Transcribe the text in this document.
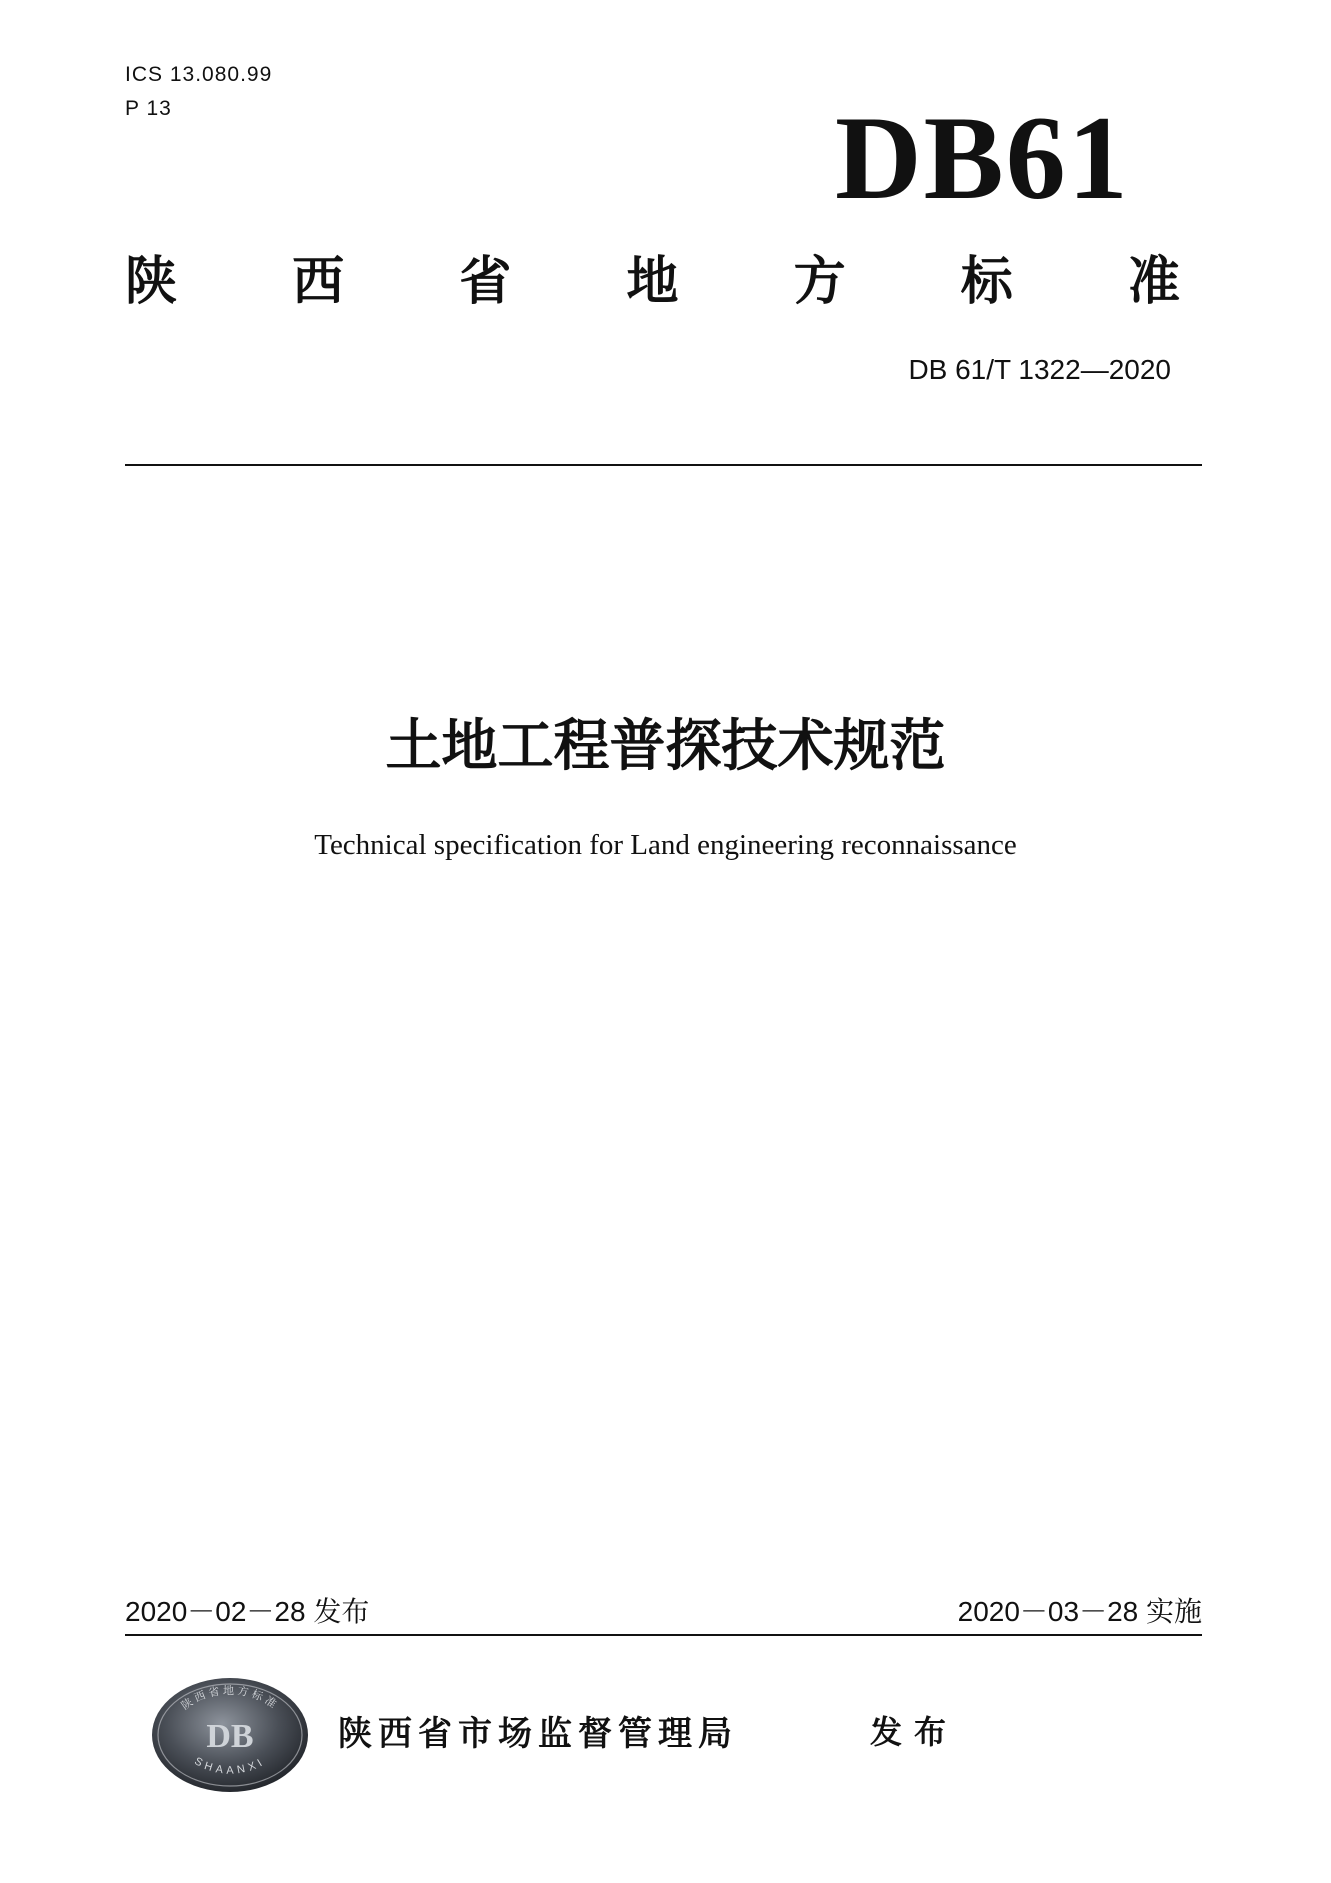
ICS 13.080.99
P 13	DB61
陕 西 省 地 方 标 准
DB 61/T 1322—2020
土地工程普探技术规范
Technical specification for Land engineering reconnaissance
2020－02－28 发布	2020－03－28 实施
陕西省地方标准
DB
SHAANXI
陕西省市场监督管理局	发布
